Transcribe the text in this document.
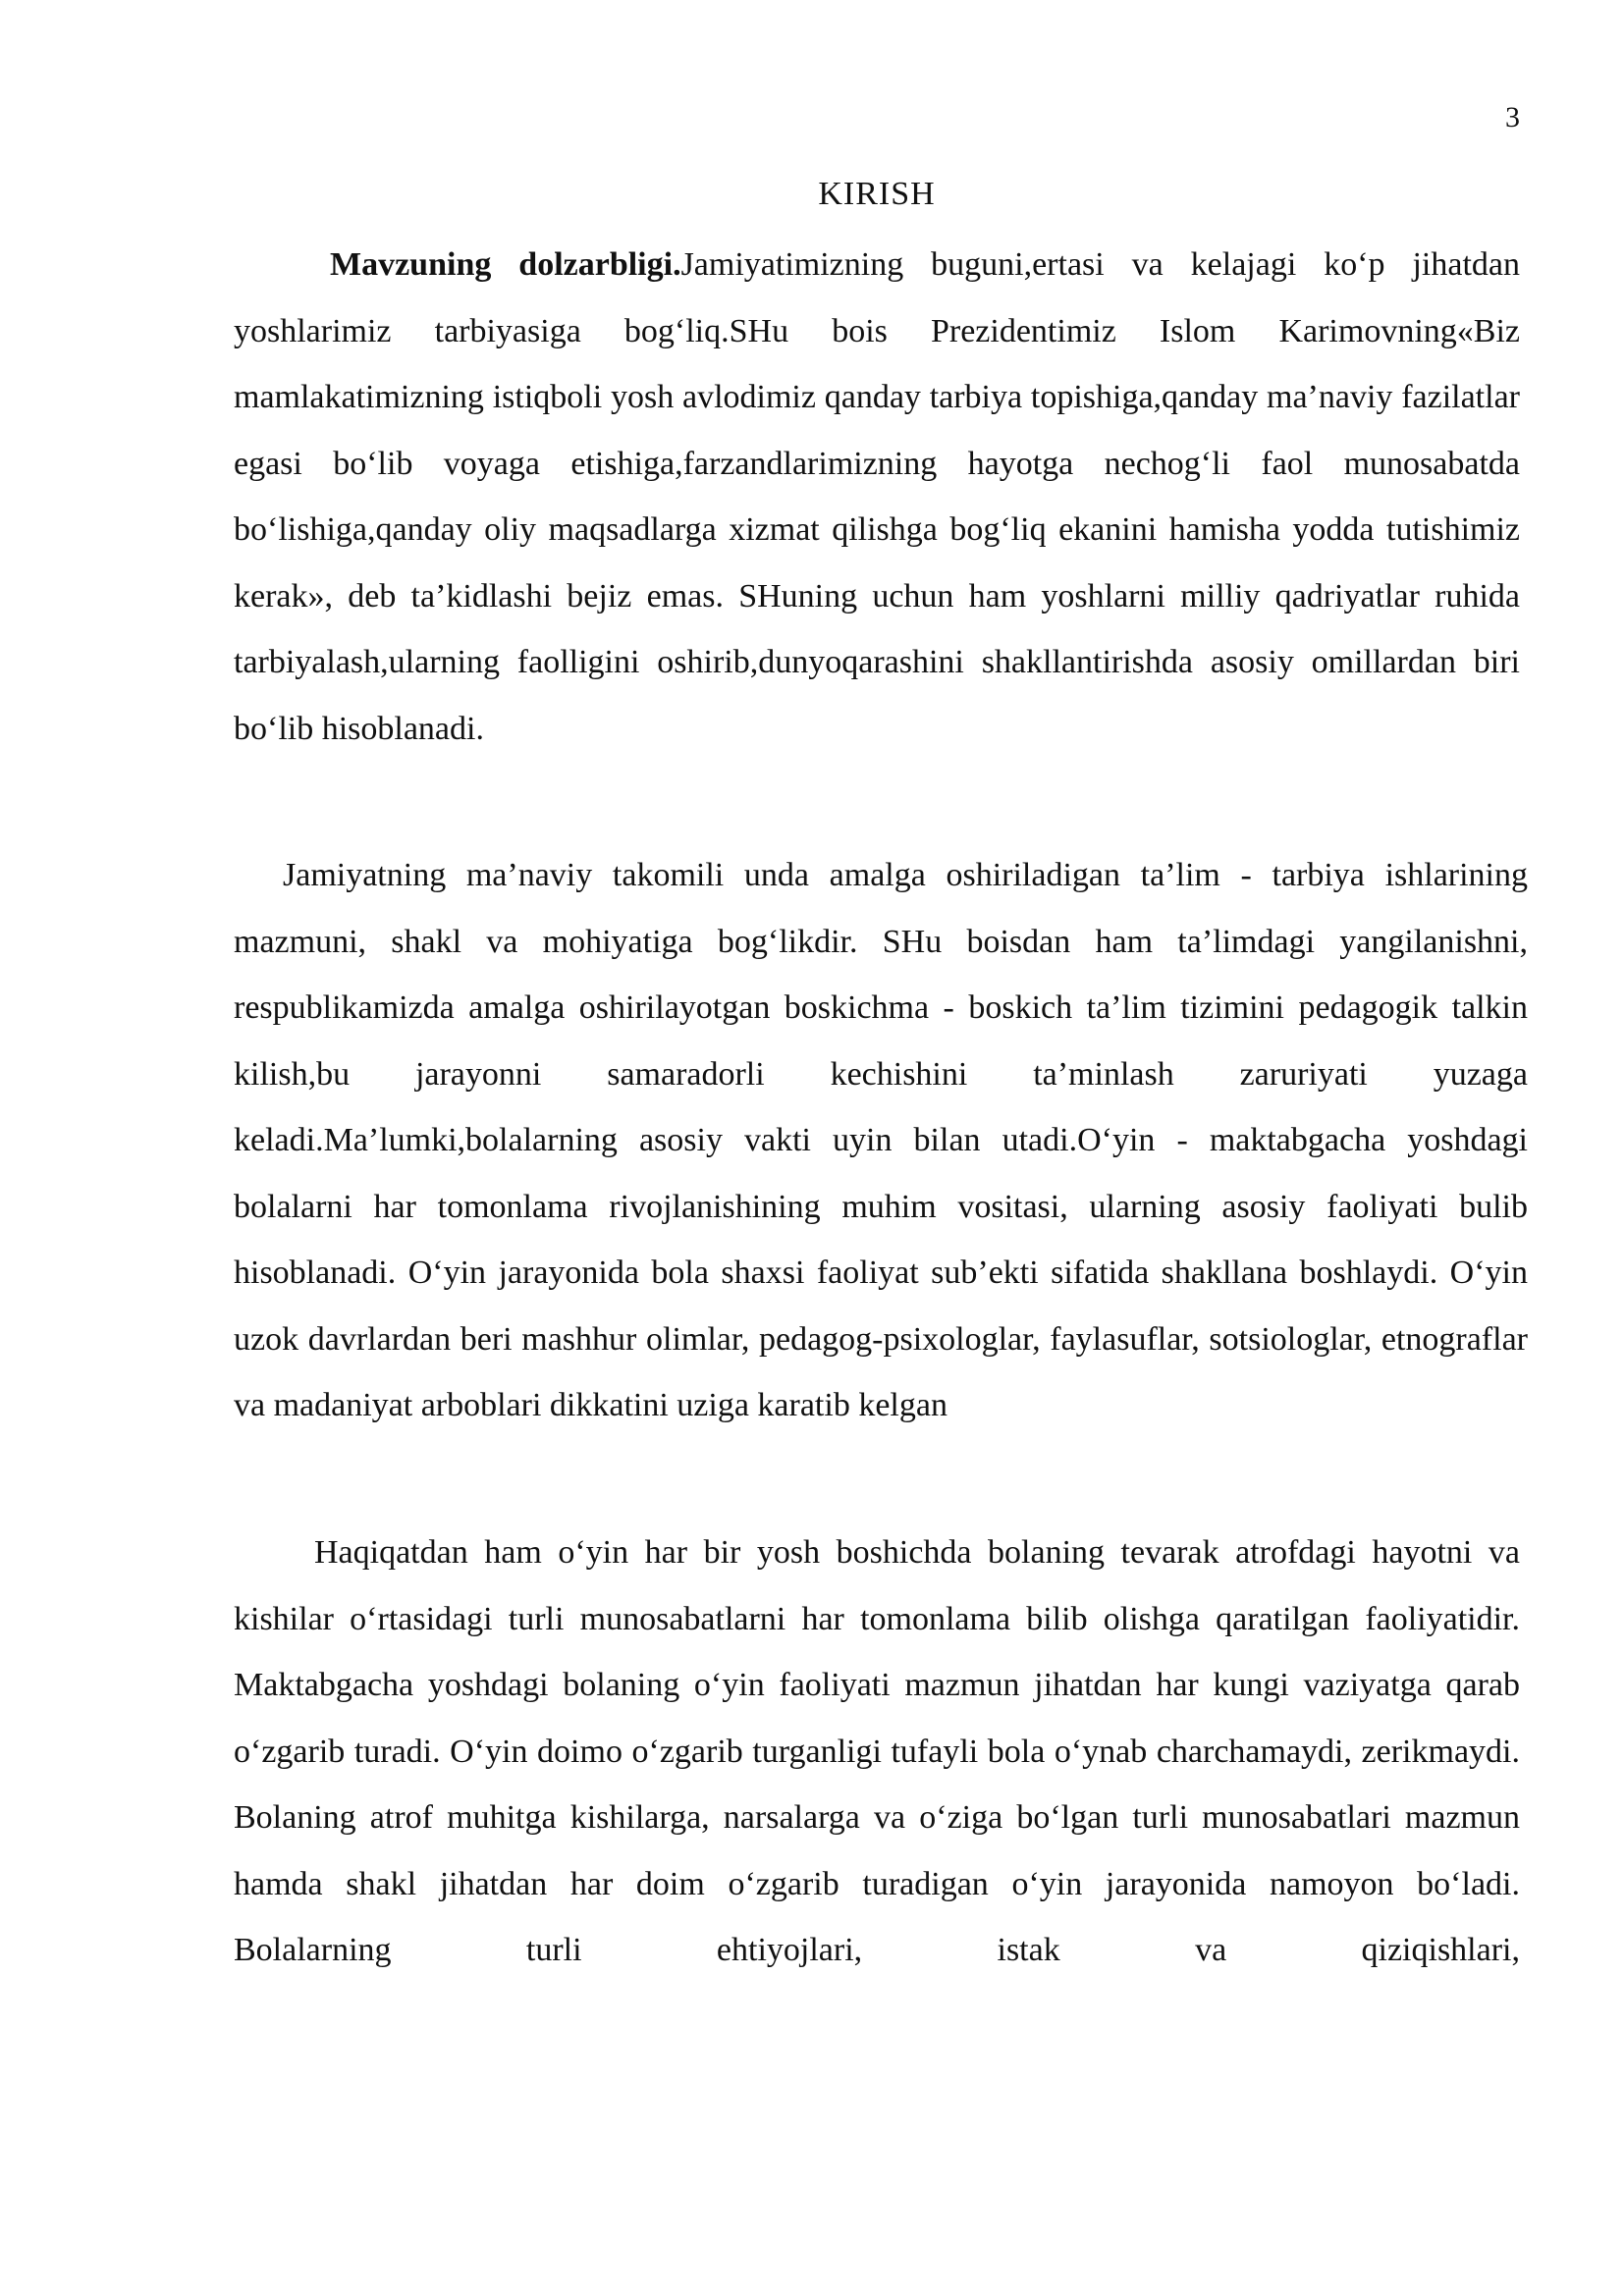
3
KIRISH

Mavzuning dolzarbligi.Jamiyatimizning buguni,ertasi va kelajagi ko‘p jihatdan yoshlarimiz tarbiyasiga bog‘liq.SHu bois Prezidentimiz Islom Karimovning«Biz mamlakatimizning istiqboli yosh avlodimiz qanday tarbiya topishiga,qanday ma’naviy fazilatlar egasi bo‘lib voyaga etishiga,farzandlarimizning hayotga nechog‘li faol munosabatda bo‘lishiga,qanday oliy maqsadlarga xizmat qilishga bog‘liq ekanini hamisha yodda tutishimiz kerak», deb ta’kidlashi bejiz emas. SHuning uchun ham yoshlarni milliy qadriyatlar ruhida tarbiyalash,ularning faolligini oshirib,dunyoqarashini shakllantirishda asosiy omillardan biri bo‘lib hisoblanadi.

Jamiyatning ma’naviy takomili unda amalga oshiriladigan ta’lim - tarbiya ishlarining mazmuni, shakl va mohiyatiga bog‘likdir. SHu boisdan ham ta’limdagi yangilanishni, respublikamizda amalga oshirilayotgan boskichma - boskich ta’lim tizimini pedagogik talkin kilish,bu jarayonni samaradorli kechishini ta’minlash zaruriyati yuzaga keladi.Ma’lumki,bolalarning asosiy vakti uyin bilan utadi.O‘yin - maktabgacha yoshdagi bolalarni har tomonlama rivojlanishining muhim vositasi, ularning asosiy faoliyati bulib hisoblanadi. O‘yin jarayonida bola shaxsi faoliyat sub’ekti sifatida shakllana boshlaydi. O‘yin uzok davrlardan beri mashhur olimlar, pedagog-psixologlar, faylasuflar, sotsiologlar, etnograflar va madaniyat arboblari dikkatini uziga karatib kelgan

Haqiqatdan ham o‘yin har bir yosh boshichda bolaning tevarak atrofdagi hayotni va kishilar o‘rtasidagi turli munosabatlarni har tomonlama bilib olishga qaratilgan faoliyatidir. Maktabgacha yoshdagi bolaning o‘yin faoliyati mazmun jihatdan har kungi vaziyatga qarab o‘zgarib turadi. O‘yin doimo o‘zgarib turganligi tufayli bola o‘ynab charchamaydi, zerikmaydi. Bolaning atrof muhitga kishilarga, narsalarga va o‘ziga bo‘lgan turli munosabatlari mazmun hamda shakl jihatdan har doim o‘zgarib turadigan o‘yin jarayonida namoyon bo‘ladi. Bolalarning turli ehtiyojlari, istak va qiziqishlari,
